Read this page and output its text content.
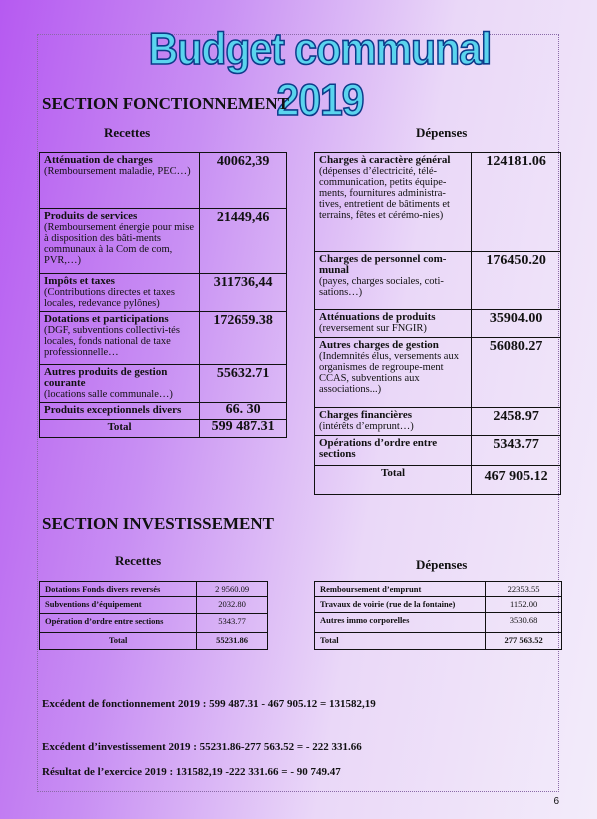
Budget communal 2019
SECTION FONCTIONNEMENT
Recettes	Dépenses
Atténuation de charges
(Remboursement maladie, PEC…)	40062,39
Produits de services
(Remboursement énergie pour mise à disposition des bâti-ments communaux à la Com de com, PVR,…)	21449,46
Impôts et taxes
(Contributions directes et taxes locales, redevance pylônes)	311736,44
Dotations et participations
(DGF, subventions collectivi-tés locales, fonds national de taxe professionnelle…	172659.38
Autres produits de gestion courante
(locations salle communale…)	55632.71
Produits exceptionnels divers	66. 30
Total	599 487.31
Charges à caractère général
(dépenses d’électricité, télé-communication, petits équipe-ments, fournitures administra-tives, entretient de bâtiments et terrains, fêtes et cérémo-nies)	124181.06
Charges de personnel com-munal
(payes, charges sociales, coti-sations…)	176450.20
Atténuations de produits
(reversement sur FNGIR)	35904.00
Autres charges de gestion
(Indemnités élus, versements aux organismes de regroupe-ment CCAS, subventions aux associations...)	56080.27
Charges financières
(intérêts d’emprunt…)	2458.97
Opérations d’ordre entre sections	5343.77
Total	467 905.12
SECTION INVESTISSEMENT
Recettes	Dépenses
Dotations Fonds divers reversés	2 9560.09
Subventions d’équipement	2032.80
Opération d’ordre entre sections	5343.77
Total	55231.86
Remboursement d’emprunt	22353.55
Travaux de voirie (rue de la fontaine)	1152.00
Autres immo corporelles	3530.68
Total	277 563.52
Excédent de fonctionnement 2019 : 599 487.31 - 467 905.12 = 131582,19
Excédent d’investissement 2019 : 55231.86-277 563.52 = - 222 331.66
Résultat de l’exercice 2019 : 131582,19 -222 331.66 = - 90 749.47
6
